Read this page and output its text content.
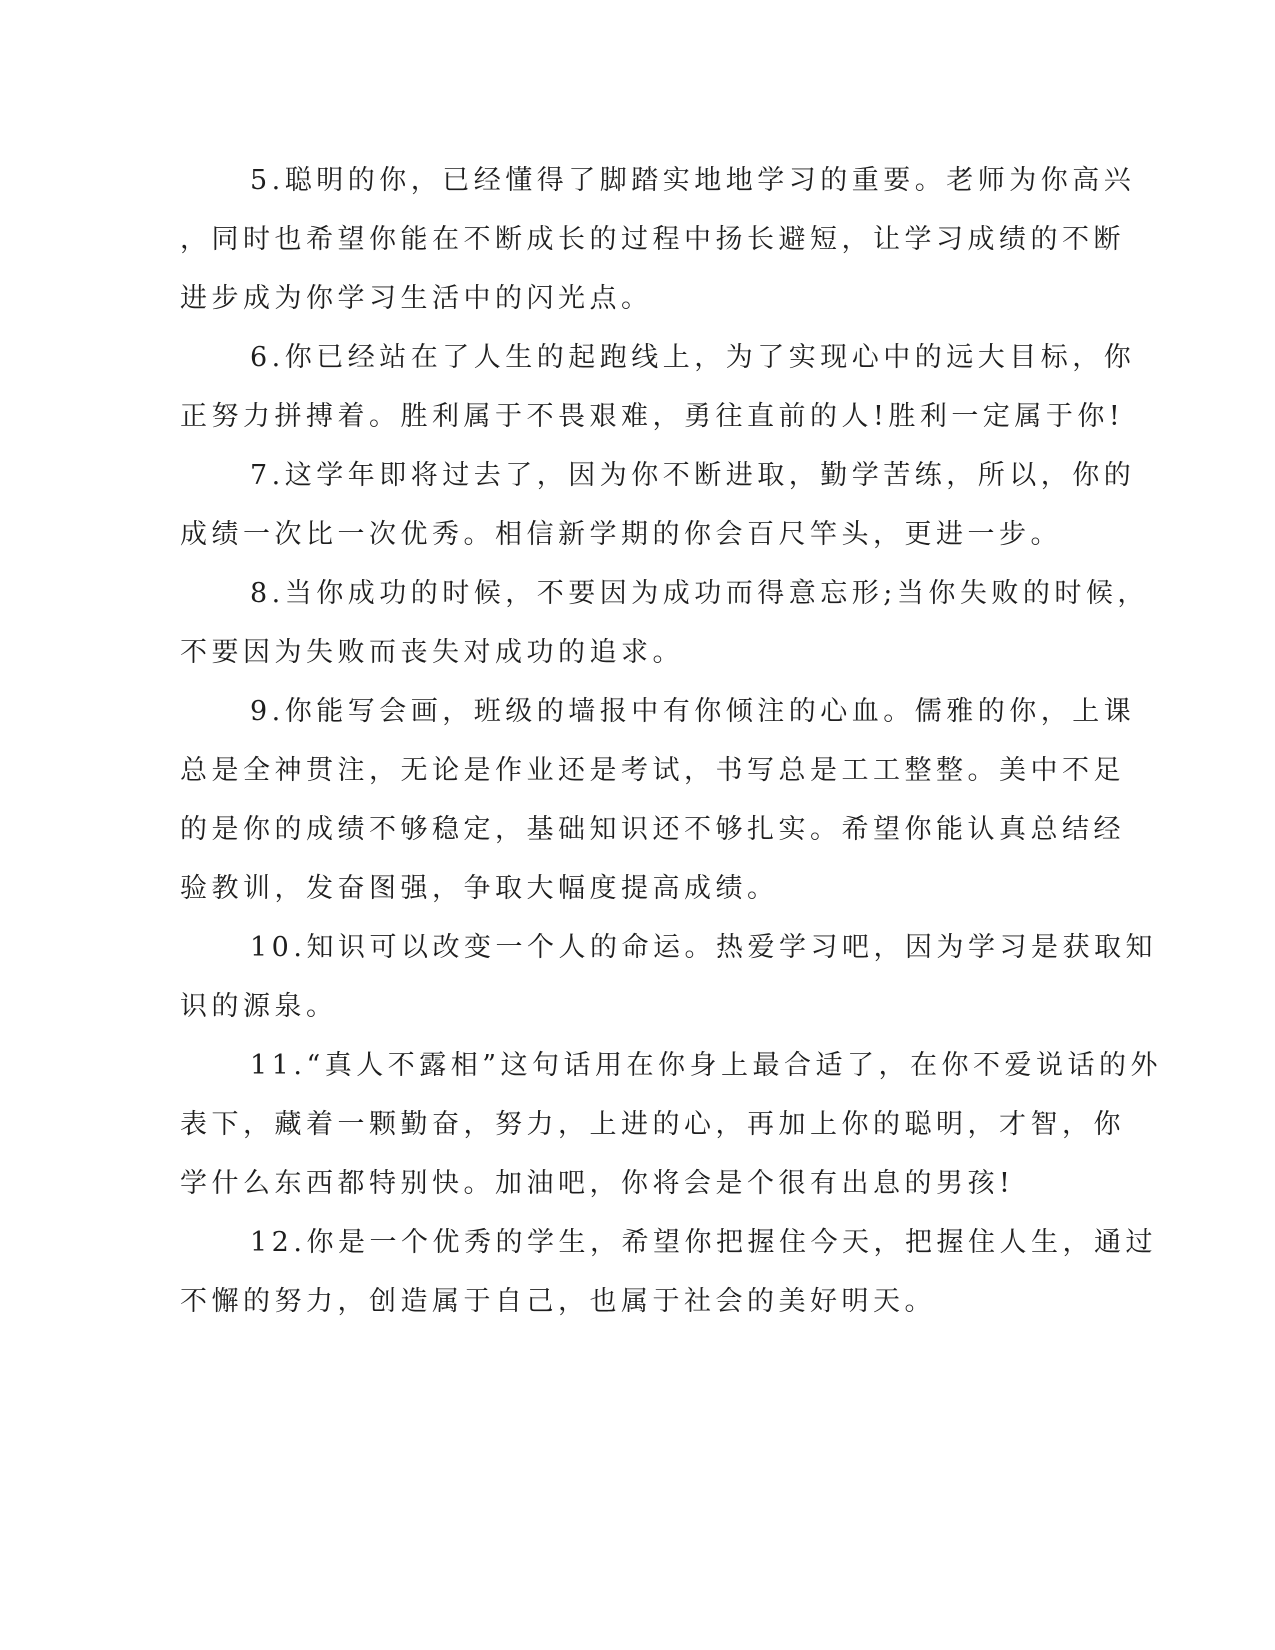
5.聪明的你，已经懂得了脚踏实地地学习的重要。老师为你高兴
，同时也希望你能在不断成长的过程中扬长避短，让学习成绩的不断
进步成为你学习生活中的闪光点。
6.你已经站在了人生的起跑线上，为了实现心中的远大目标，你
正努力拼搏着。胜利属于不畏艰难，勇往直前的人!胜利一定属于你!
7.这学年即将过去了，因为你不断进取，勤学苦练，所以，你的
成绩一次比一次优秀。相信新学期的你会百尺竿头，更进一步。
8.当你成功的时候，不要因为成功而得意忘形;当你失败的时候，
不要因为失败而丧失对成功的追求。
9.你能写会画，班级的墙报中有你倾注的心血。儒雅的你，上课
总是全神贯注，无论是作业还是考试，书写总是工工整整。美中不足
的是你的成绩不够稳定，基础知识还不够扎实。希望你能认真总结经
验教训，发奋图强，争取大幅度提高成绩。
10.知识可以改变一个人的命运。热爱学习吧，因为学习是获取知
识的源泉。
11.“真人不露相”这句话用在你身上最合适了，在你不爱说话的外
表下，藏着一颗勤奋，努力，上进的心，再加上你的聪明，才智，你
学什么东西都特别快。加油吧，你将会是个很有出息的男孩!
12.你是一个优秀的学生，希望你把握住今天，把握住人生，通过
不懈的努力，创造属于自己，也属于社会的美好明天。
